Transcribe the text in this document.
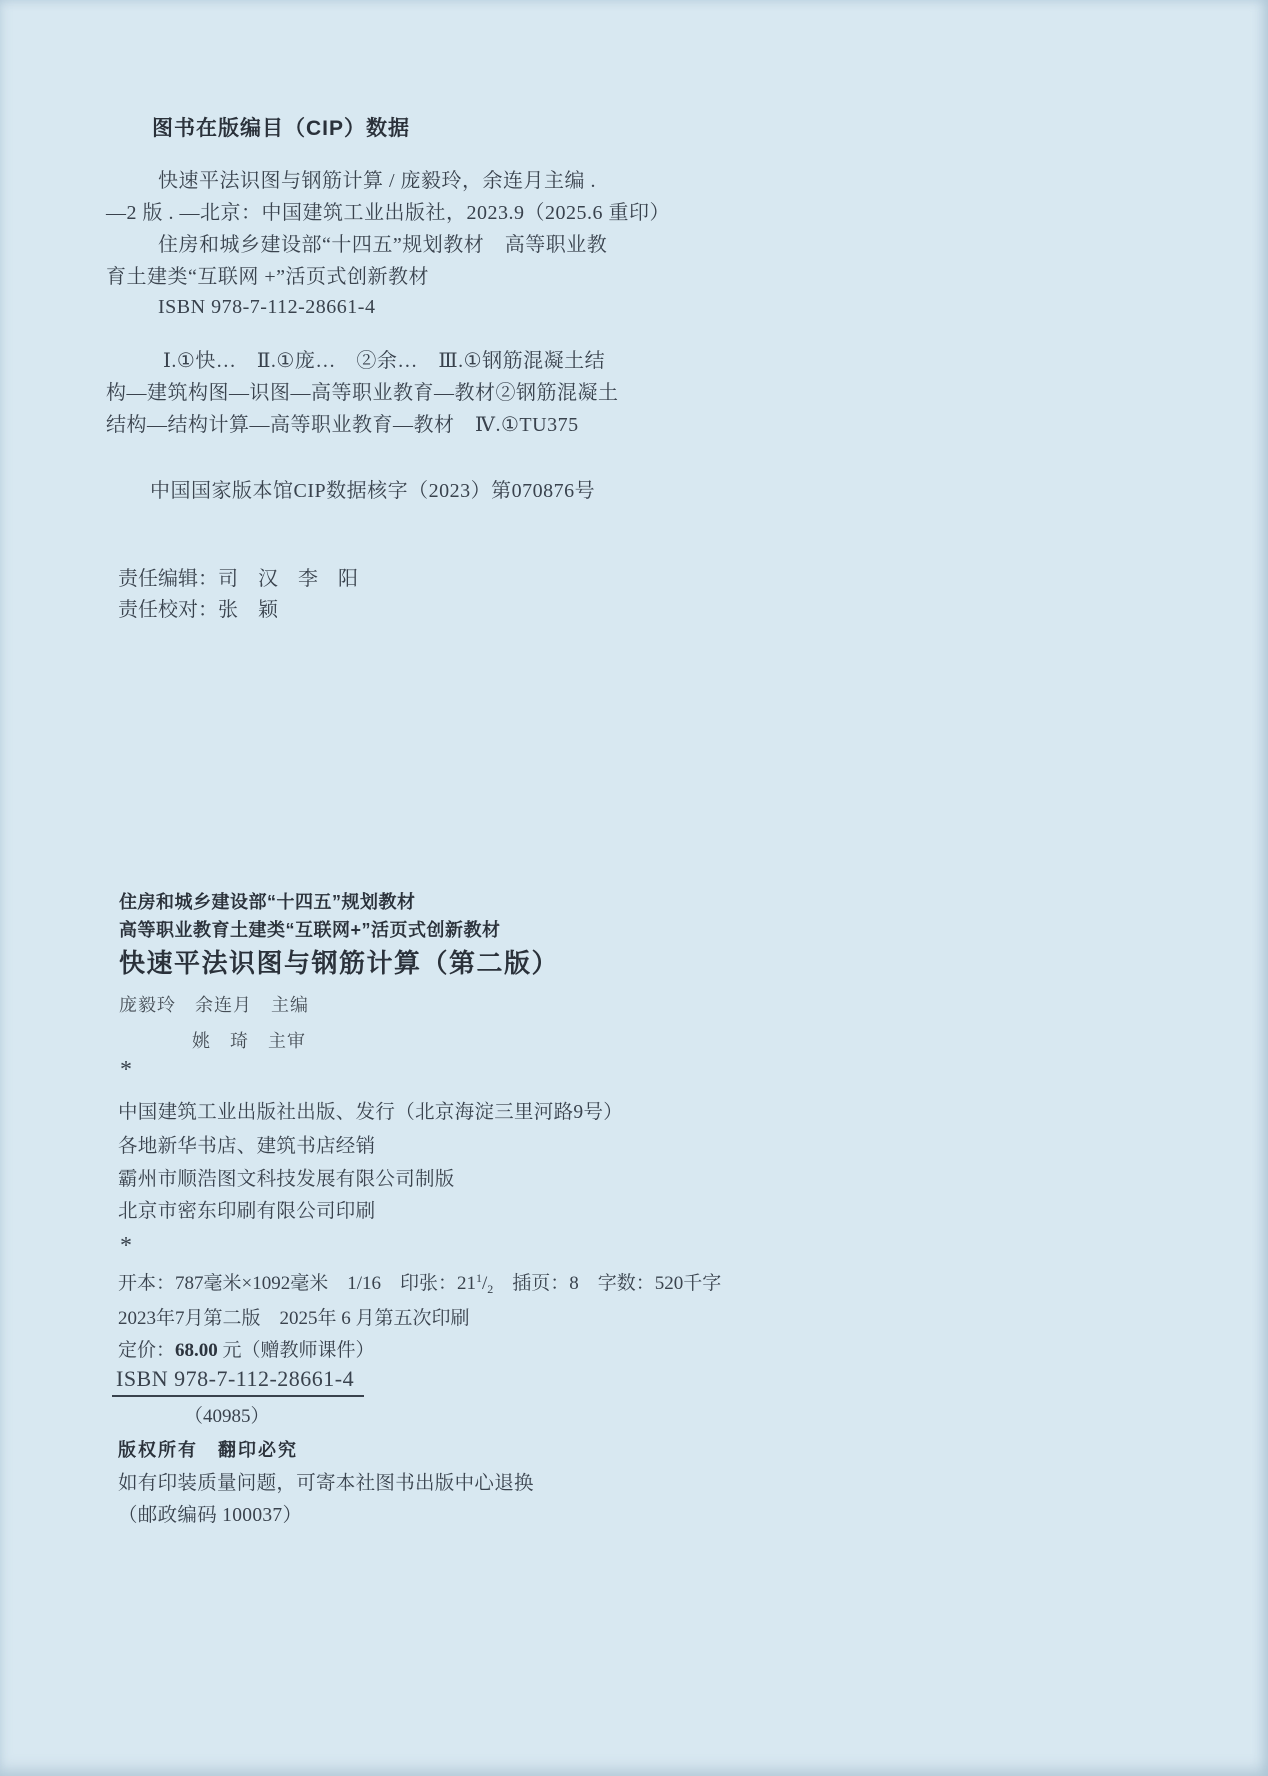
图书在版编目（CIP）数据
快速平法识图与钢筋计算 / 庞毅玲，余连月主编 .
—2 版 . —北京：中国建筑工业出版社，2023.9（2025.6 重印）
住房和城乡建设部“十四五”规划教材　高等职业教
育土建类“互联网 +”活页式创新教材
ISBN 978-7-112-28661-4
Ⅰ.①快…　Ⅱ.①庞…　②余…　Ⅲ.①钢筋混凝土结
构—建筑构图—识图—高等职业教育—教材②钢筋混凝土
结构—结构计算—高等职业教育—教材　Ⅳ.①TU375
中国国家版本馆CIP数据核字（2023）第070876号
责任编辑：司　汉　李　阳
责任校对：张　颖
住房和城乡建设部“十四五”规划教材
高等职业教育土建类“互联网+”活页式创新教材
快速平法识图与钢筋计算（第二版）
庞毅玲　余连月　主编
姚　琦　主审
*
中国建筑工业出版社出版、发行（北京海淀三里河路9号）
各地新华书店、建筑书店经销
霸州市顺浩图文科技发展有限公司制版
北京市密东印刷有限公司印刷
*
开本：787毫米×1092毫米　1/16　印张：$21^1/_2$　插页：8　字数：520千字
2023年7月第二版　2025年 6 月第五次印刷
定价：68.00 元（赠教师课件）
ISBN 978-7-112-28661-4
（40985）
版权所有　翻印必究
如有印装质量问题，可寄本社图书出版中心退换
（邮政编码 100037）
